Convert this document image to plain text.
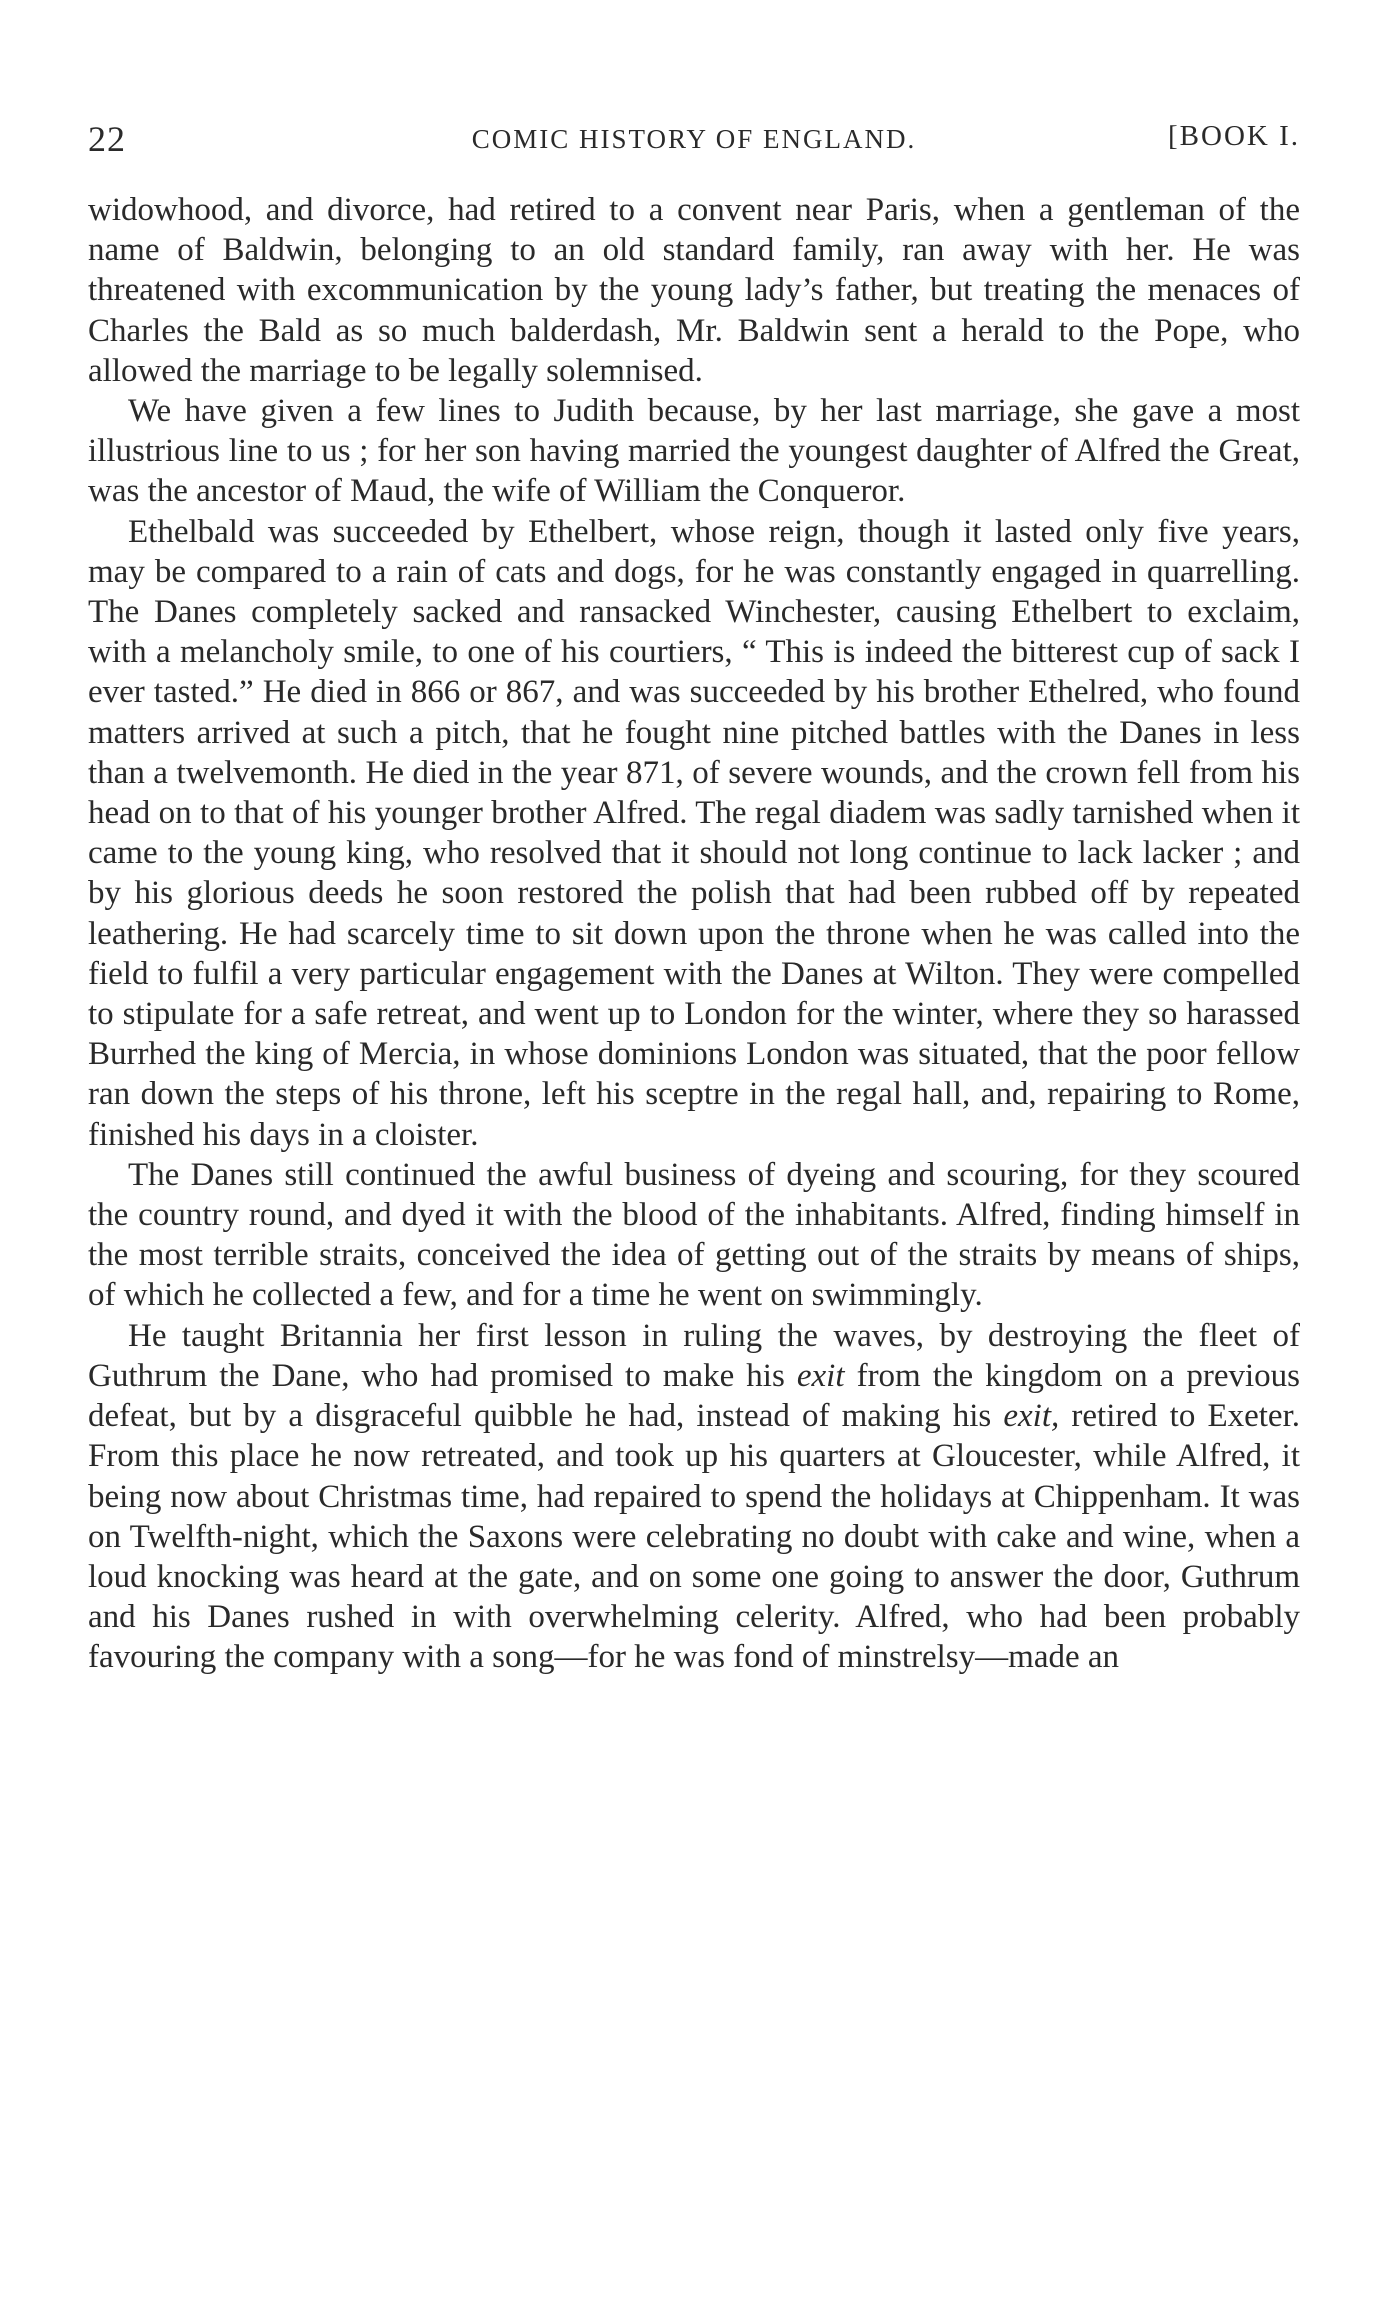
22	COMIC HISTORY OF ENGLAND.	[BOOK I.

widowhood, and divorce, had retired to a convent near Paris, when a gentleman of the name of Baldwin, belonging to an old standard family, ran away with her. He was threatened with excommunication by the young lady’s father, but treating the menaces of Charles the Bald as so much balderdash, Mr. Baldwin sent a herald to the Pope, who allowed the marriage to be legally solemnised.

We have given a few lines to Judith because, by her last marriage, she gave a most illustrious line to us ; for her son having married the youngest daughter of Alfred the Great, was the ancestor of Maud, the wife of William the Conqueror.

Ethelbald was succeeded by Ethelbert, whose reign, though it lasted only five years, may be compared to a rain of cats and dogs, for he was constantly engaged in quarrelling. The Danes completely sacked and ransacked Winchester, causing Ethelbert to exclaim, with a melancholy smile, to one of his courtiers, “ This is indeed the bitterest cup of sack I ever tasted.” He died in 866 or 867, and was succeeded by his brother Ethelred, who found matters arrived at such a pitch, that he fought nine pitched battles with the Danes in less than a twelvemonth. He died in the year 871, of severe wounds, and the crown fell from his head on to that of his younger brother Alfred. The regal diadem was sadly tarnished when it came to the young king, who resolved that it should not long continue to lack lacker ; and by his glorious deeds he soon restored the polish that had been rubbed off by repeated leathering. He had scarcely time to sit down upon the throne when he was called into the field to fulfil a very particular engagement with the Danes at Wilton. They were compelled to stipulate for a safe retreat, and went up to London for the winter, where they so harassed Burrhed the king of Mercia, in whose dominions London was situated, that the poor fellow ran down the steps of his throne, left his sceptre in the regal hall, and, repairing to Rome, finished his days in a cloister.

The Danes still continued the awful business of dyeing and scouring, for they scoured the country round, and dyed it with the blood of the inhabitants. Alfred, finding himself in the most terrible straits, conceived the idea of getting out of the straits by means of ships, of which he collected a few, and for a time he went on swimmingly.

He taught Britannia her first lesson in ruling the waves, by destroying the fleet of Guthrum the Dane, who had promised to make his exit from the kingdom on a previous defeat, but by a disgraceful quibble he had, instead of making his exit, retired to Exeter. From this place he now retreated, and took up his quarters at Gloucester, while Alfred, it being now about Christmas time, had repaired to spend the holidays at Chippenham. It was on Twelfth-night, which the Saxons were celebrating no doubt with cake and wine, when a loud knocking was heard at the gate, and on some one going to answer the door, Guthrum and his Danes rushed in with overwhelming celerity. Alfred, who had been probably favouring the company with a song—for he was fond of minstrelsy—made an
